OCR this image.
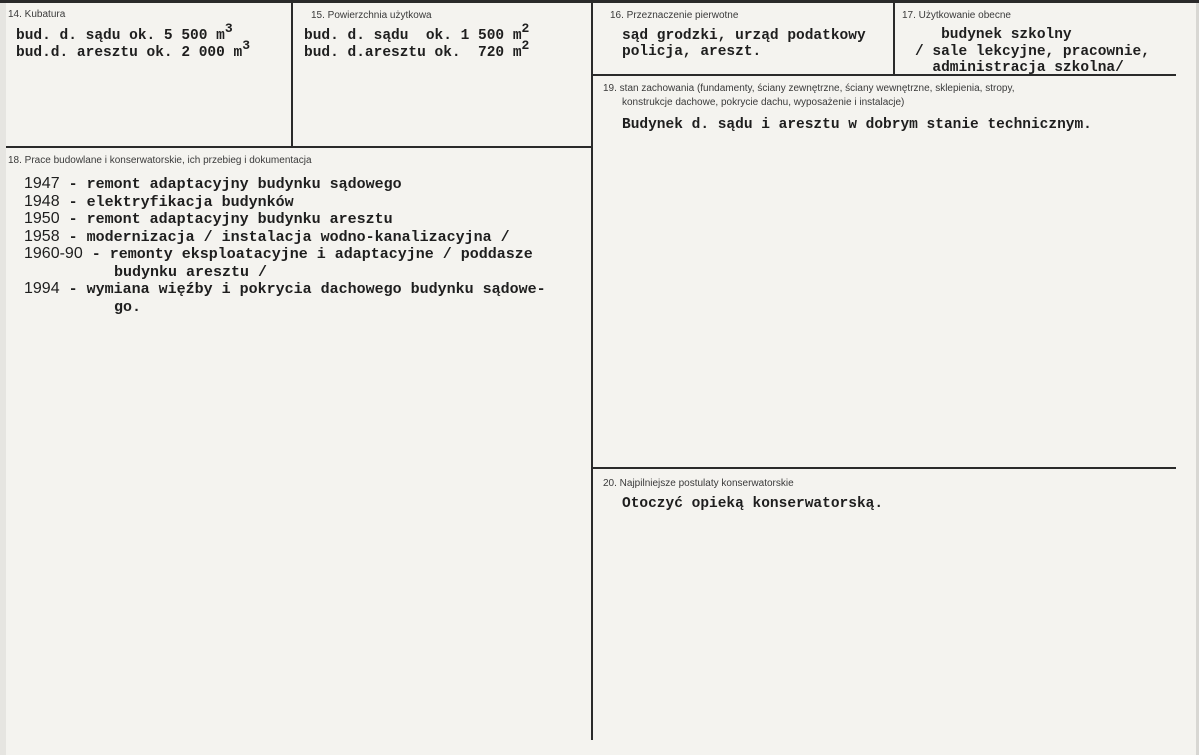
14. Kubatura
bud. d. sądu ok. 5 500 m3
bud.d. aresztu ok. 2 000 m3
15. Powierzchnia użytkowa
bud. d. sądu  ok. 1 500 m2
bud. d.aresztu ok.  720 m2
16. Przeznaczenie pierwotne
sąd grodzki, urząd podatkowy
policja, areszt.
17. Użytkowanie obecne
budynek szkolny
/ sale lekcyjne, pracownie,
administracja szkolna/
19. stan zachowania (fundamenty, ściany zewnętrzne, ściany wewnętrzne, sklepienia, stropy,
konstrukcje dachowe, pokrycie dachu, wyposażenie i instalacje)
Budynek d. sądu i aresztu w dobrym stanie technicznym.
18. Prace budowlane i konserwatorskie, ich przebieg i dokumentacja
1947 - remont adaptacyjny budynku sądowego
1948 - elektryfikacja budynków
1950 - remont adaptacyjny budynku aresztu
1958 - modernizacja / instalacja wodno-kanalizacyjna /
1960-90 - remonty eksploatacyjne i adaptacyjne / poddasze
budynku aresztu /
1994 - wymiana więźby i pokrycia dachowego budynku sądowe-
go.
20. Najpilniejsze postulaty konserwatorskie
Otoczyć opieką konserwatorską.
